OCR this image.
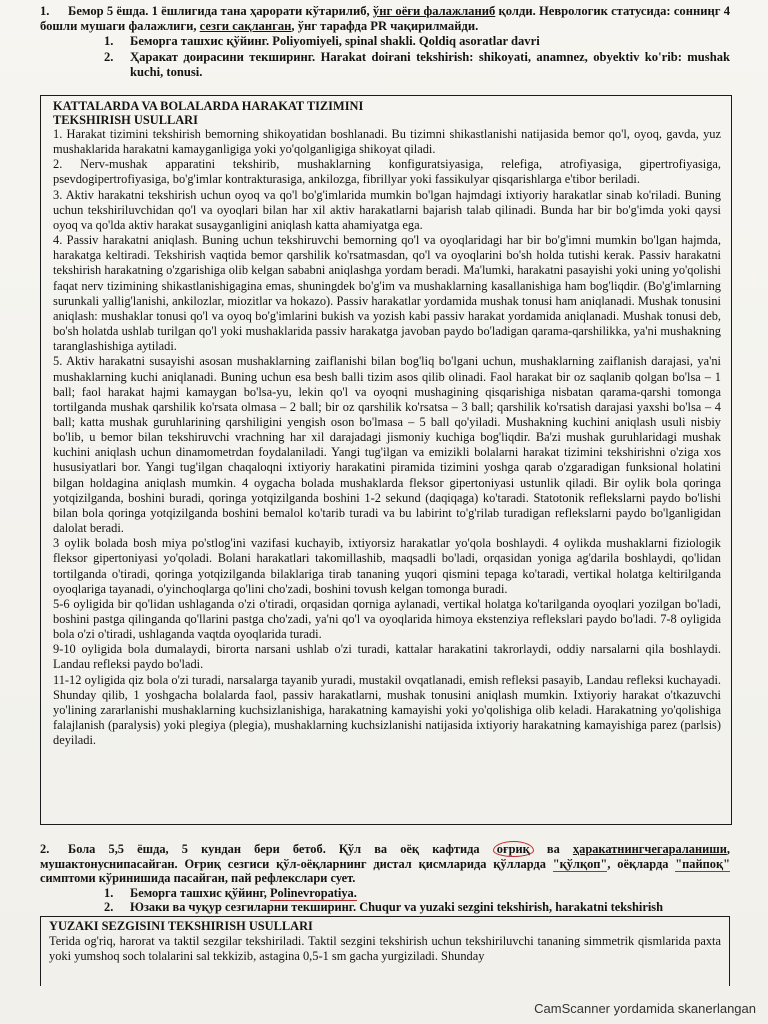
1. Бемор 5 ёшда. 1 ёшлигида тана ҳарорати кўтарилиб, ўнг оёғи фалажланиб қолди. Неврологик статусида: сонниңг 4 бошли мушаги фалажлиги, сезги сақланган, ўнг тарафда PR чақирилмайди.
1. Беморга ташхис қўйинг. Poliyomiyeli, spinal shakli. Qoldiq asoratlar davri
2.	Ҳаракат доирасини текширинг. Harakat doirani tekshirish: shikoyati, anamnez, obyektiv ko'rib: mushak kuchi, tonusi.
KATTALARDA VA BOLALARDA HARAKAT TIZIMINI
TEKSHIRISH USULLARI

1. Harakat tizimini tekshirish bemorning shikoyatidan boshlanadi. Bu tizimni shikastlanishi natijasida bemor qo'l, oyoq, gavda, yuz mushaklarida harakatni kamayganligiga yoki yo'qolganligiga shikoyat qiladi.

2. Nerv-mushak apparatini tekshirib, mushaklarning konfiguratsiyasiga, relefiga, atrofiyasiga, gipertrofiyasiga, psevdogipertrofiyasiga, bo'g'imlar kontrakturasiga, ankilozga, fibrillyar yoki fassikulyar qisqarishlarga e'tibor beriladi.

3. Aktiv harakatni tekshirish uchun oyoq va qo'l bo'g'imlarida mumkin bo'lgan hajmdagi ixtiyoriy harakatlar sinab ko'riladi. Buning uchun tekshiriluvchidan qo'l va oyoqlari bilan har xil aktiv harakatlarni bajarish talab qilinadi. Bunda har bir bo'g'imda yoki qaysi oyoq va qo'lda aktiv harakat susayganligini aniqlash katta ahamiyatga ega.

4. Passiv harakatni aniqlash. Buning uchun tekshiruvchi bemorning qo'l va oyoqlaridagi har bir bo'g'imni mumkin bo'lgan hajmda, harakatga keltiradi. Tekshirish vaqtida bemor qarshilik ko'rsatmasdan, qo'l va oyoqlarini bo'sh holda tutishi kerak. Passiv harakatni tekshirish harakatning o'zgarishiga olib kelgan sababni aniqlashga yordam beradi. Ma'lumki, harakatni pasayishi yoki uning yo'qolishi faqat nerv tizimining shikastlanishigagina emas, shuningdek bo'g'im va mushaklarning kasallanishiga ham bog'liqdir. (Bo'g'imlarning surunkali yallig'lanishi, ankilozlar, miozitlar va hokazo). Passiv harakatlar yordamida mushak tonusi ham aniqlanadi. Mushak tonusini aniqlash: mushaklar tonusi qo'l va oyoq bo'g'imlarini bukish va yozish kabi passiv harakat yordamida aniqlanadi. Mushak tonusi deb, bo'sh holatda ushlab turilgan qo'l yoki mushaklarida passiv harakatga javoban paydo bo'ladigan qarama-qarshilikka, ya'ni mushakning taranglashishiga aytiladi.

5. Aktiv harakatni susayishi asosan mushaklarning zaiflanishi bilan bog'liq bo'lgani uchun, mushaklarning zaiflanish darajasi, ya'ni mushaklarning kuchi aniqlanadi. Buning uchun esa besh balli tizim asos qilib olinadi. Faol harakat bir oz saqlanib qolgan bo'lsa – 1 ball; faol harakat hajmi kamaygan bo'lsa-yu, lekin qo'l va oyoqni mushagining qisqarishiga nisbatan qarama-qarshi tomonga tortilganda mushak qarshilik ko'rsata olmasa – 2 ball; bir oz qarshilik ko'rsatsa – 3 ball; qarshilik ko'rsatish darajasi yaxshi bo'lsa – 4 ball; katta mushak guruhlarining qarshiligini yengish oson bo'lmasa – 5 ball qo'yiladi. Mushakning kuchini aniqlash usuli nisbiy bo'lib, u bemor bilan tekshiruvchi vrachning har xil darajadagi jismoniy kuchiga bog'liqdir. Ba'zi mushak guruhlaridagi mushak kuchini aniqlash uchun dinamometrdan foydalaniladi. Yangi tug'ilgan va emizikli bolalarni harakat tizimini tekshirishni o'ziga xos hususiyatlari bor. Yangi tug'ilgan chaqaloqni ixtiyoriy harakatini piramida tizimini yoshga qarab o'zgaradigan funksional holatini bilgan holdagina aniqlash mumkin. 4 oygacha bolada mushaklarda fleksor gipertoniyasi ustunlik qiladi. Bir oylik bola qoringa yotqizilganda, boshini buradi, qoringa yotqizilganda boshini 1-2 sekund (daqiqaga) ko'taradi. Statotonik reflekslarni paydo bo'lishi bilan bola qoringa yotqizilganda boshini bemalol ko'tarib turadi va bu labirint to'g'rilab turadigan reflekslarni paydo bo'lganligidan dalolat beradi.

3 oylik bolada bosh miya po'stlog'ini vazifasi kuchayib, ixtiyorsiz harakatlar yo'qola boshlaydi. 4 oylikda mushaklarni fiziologik fleksor gipertoniyasi yo'qoladi. Bolani harakatlari takomillashib, maqsadli bo'ladi, orqasidan yoniga ag'darila boshlaydi, qo'lidan tortilganda o'tiradi, qoringa yotqizilganda bilaklariga tirab tananing yuqori qismini tepaga ko'taradi, vertikal holatga keltirilganda oyoqlariga tayanadi, o'yinchoqlarga qo'lini cho'zadi, boshini tovush kelgan tomonga buradi.

5-6 oyligida bir qo'lidan ushlaganda o'zi o'tiradi, orqasidan qorniga aylanadi, vertikal holatga ko'tarilganda oyoqlari yozilgan bo'ladi, boshini pastga qilinganda qo'llarini pastga cho'zadi, ya'ni qo'l va oyoqlarida himoya ekstenziya reflekslari paydo bo'ladi. 7-8 oyligida bola o'zi o'tiradi, ushlaganda vaqtda oyoqlarida turadi.

9-10 oyligida bola dumalaydi, birorta narsani ushlab o'zi turadi, kattalar harakatini takrorlaydi, oddiy narsalarni qila boshlaydi. Landau refleksi paydo bo'ladi.

11-12 oyligida qiz bola o'zi turadi, narsalarga tayanib yuradi, mustakil ovqatlanadi, emish refleksi pasayib, Landau refleksi kuchayadi. Shunday qilib, 1 yoshgacha bolalarda faol, passiv harakatlarni, mushak tonusini aniqlash mumkin. Ixtiyoriy harakat o'tkazuvchi yo'lining zararlanishi mushaklarning kuchsizlanishiga, harakatning kamayishi yoki yo'qolishiga olib keladi. Harakatning yo'qolishiga falajlanish (paralysis) yoki plegiya (plegia), mushaklarning kuchsizlanishi natijasida ixtiyoriy harakatning kamayishiga parez (parlsis) deyiladi.

2. Бола 5,5 ёшда, 5 кундан бери бетоб. Қўл ва оёқ кафтида оғриқ ва ҳаракатнингчегараланиши, мушактонуснипасайган. Оғриқ сезгиси қўл-оёқларнинг дистал қисмларида қўлларда "қўлқоп", оёқларда "пайпоқ" симптоми кўринишида пасайган, пай рефлекслари сует.
1. Беморга ташхис қўйинг, Polinevropatiya.
2. Юзаки ва чуқур сезгиларни текширинг. Chuqur va yuzaki sezgini tekshirish, harakatni tekshirish
YUZAKI SEZGISINI TEKSHIRISH USULLARI
Terida og'riq, harorat va taktil sezgilar tekshiriladi. Taktil sezgini tekshirish uchun tekshiriluvchi tananing simmetrik qismlarida paxta yoki yumshoq soch tolalarini sal tekkizib, astagina 0,5-1 sm gacha yurgiziladi. Shunday
CamScanner yordamida skanerlangan
